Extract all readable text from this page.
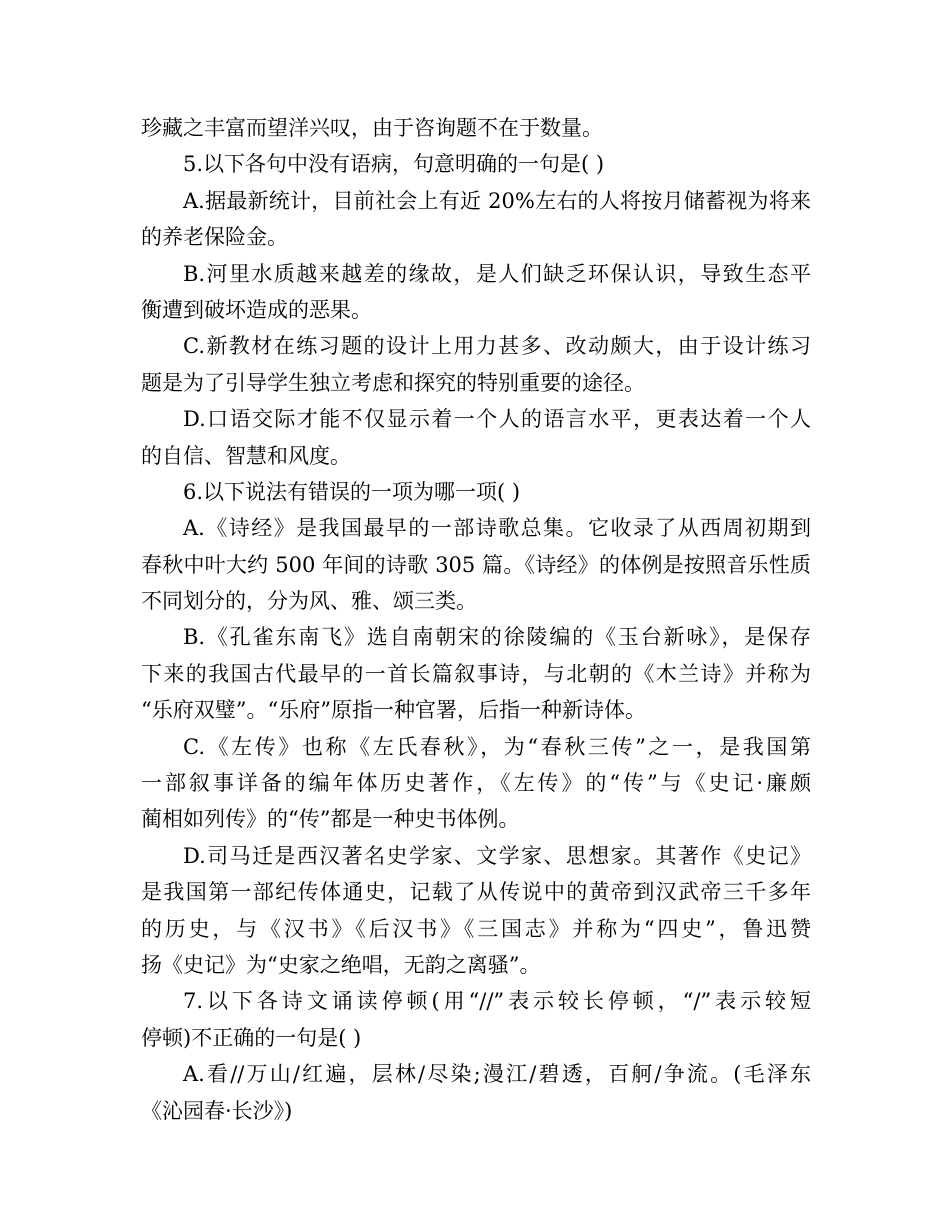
珍藏之丰富而望洋兴叹，由于咨询题不在于数量。
5.以下各句中没有语病，句意明确的一句是( )
A.据最新统计，目前社会上有近 20%左右的人将按月储蓄视为将来
的养老保险金。
B.河里水质越来越差的缘故，是人们缺乏环保认识，导致生态平
衡遭到破坏造成的恶果。
C.新教材在练习题的设计上用力甚多、改动颇大，由于设计练习
题是为了引导学生独立考虑和探究的特别重要的途径。
D.口语交际才能不仅显示着一个人的语言水平，更表达着一个人
的自信、智慧和风度。
6.以下说法有错误的一项为哪一项( )
A.《诗经》是我国最早的一部诗歌总集。它收录了从西周初期到
春秋中叶大约 500 年间的诗歌 305 篇。《诗经》的体例是按照音乐性质
不同划分的，分为风、雅、颂三类。
B.《孔雀东南飞》选自南朝宋的徐陵编的《玉台新咏》，是保存
下来的我国古代最早的一首长篇叙事诗，与北朝的《木兰诗》并称为
“乐府双璧”。“乐府”原指一种官署，后指一种新诗体。
C.《左传》也称《左氏春秋》，为“春秋三传”之一，是我国第
一部叙事详备的编年体历史著作，《左传》的“传”与《史记·廉颇
蔺相如列传》的“传”都是一种史书体例。
D.司马迁是西汉著名史学家、文学家、思想家。其著作《史记》
是我国第一部纪传体通史，记载了从传说中的黄帝到汉武帝三千多年
的历史，与《汉书》《后汉书》《三国志》并称为“四史”，鲁迅赞
扬《史记》为“史家之绝唱，无韵之离骚”。
7.以下各诗文诵读停顿(用“//”表示较长停顿，“/”表示较短
停顿)不正确的一句是( )
A.看//万山/红遍，层林/尽染;漫江/碧透，百舸/争流。(毛泽东
《沁园春·长沙》)
